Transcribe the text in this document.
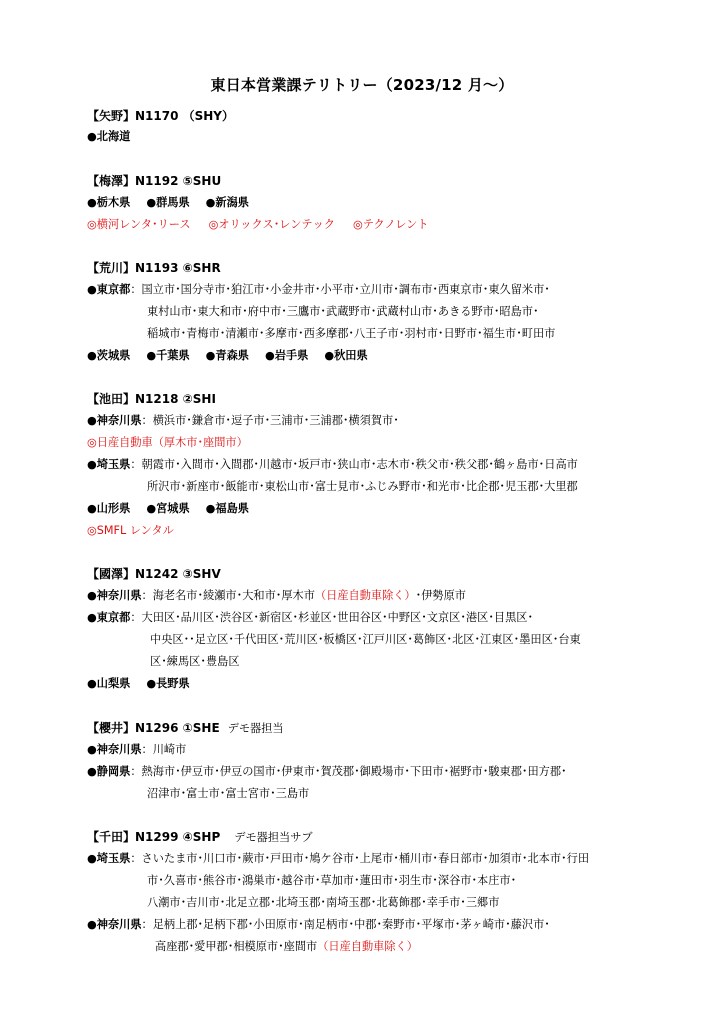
東日本営業課テリトリー（2023/12 月～）
【矢野】N1170 （SHY）
●北海道
【梅澤】N1192 ⑤SHU
●栃木県 ●群馬県 ●新潟県
◎横河レンタ･リース ◎オリックス･レンテック ◎テクノレント
【荒川】N1193 ⑥SHR
●東京都：国立市･国分寺市･狛江市･小金井市･小平市･立川市･調布市･西東京市･東久留米市･
東村山市･東大和市･府中市･三鷹市･武蔵野市･武蔵村山市･あきる野市･昭島市･
稲城市･青梅市･清瀬市･多摩市･西多摩郡･八王子市･羽村市･日野市･福生市･町田市
●茨城県 ●千葉県 ●青森県 ●岩手県 ●秋田県
【池田】N1218 ②SHI
●神奈川県：横浜市･鎌倉市･逗子市･三浦市･三浦郡･横須賀市･
◎日産自動車（厚木市･座間市）
●埼玉県：朝霞市･入間市･入間郡･川越市･坂戸市･狭山市･志木市･秩父市･秩父郡･鶴ヶ島市･日高市
所沢市･新座市･飯能市･東松山市･富士見市･ふじみ野市･和光市･比企郡･児玉郡･大里郡
●山形県 ●宮城県 ●福島県
◎SMFL レンタル
【國澤】N1242 ③SHV
●神奈川県：海老名市･綾瀬市･大和市･厚木市（日産自動車除く）･伊勢原市
●東京都：大田区･品川区･渋谷区･新宿区･杉並区･世田谷区･中野区･文京区･港区･目黒区･
中央区･･足立区･千代田区･荒川区･板橋区･江戸川区･葛飾区･北区･江東区･墨田区･台東
区･練馬区･豊島区
●山梨県 ●長野県
【櫻井】N1296 ①SHE デモ器担当
●神奈川県：川崎市
●静岡県：熱海市･伊豆市･伊豆の国市･伊東市･賀茂郡･御殿場市･下田市･裾野市･駿東郡･田方郡･
沼津市･富士市･富士宮市･三島市
【千田】N1299 ④SHP デモ器担当サブ
●埼玉県：さいたま市･川口市･蕨市･戸田市･鳩ケ谷市･上尾市･桶川市･春日部市･加須市･北本市･行田
市･久喜市･熊谷市･鴻巣市･越谷市･草加市･蓮田市･羽生市･深谷市･本庄市･
八潮市･吉川市･北足立郡･北埼玉郡･南埼玉郡･北葛飾郡･幸手市･三郷市
●神奈川県：足柄上郡･足柄下郡･小田原市･南足柄市･中郡･秦野市･平塚市･茅ヶ崎市･藤沢市･
高座郡･愛甲郡･相模原市･座間市（日産自動車除く）
